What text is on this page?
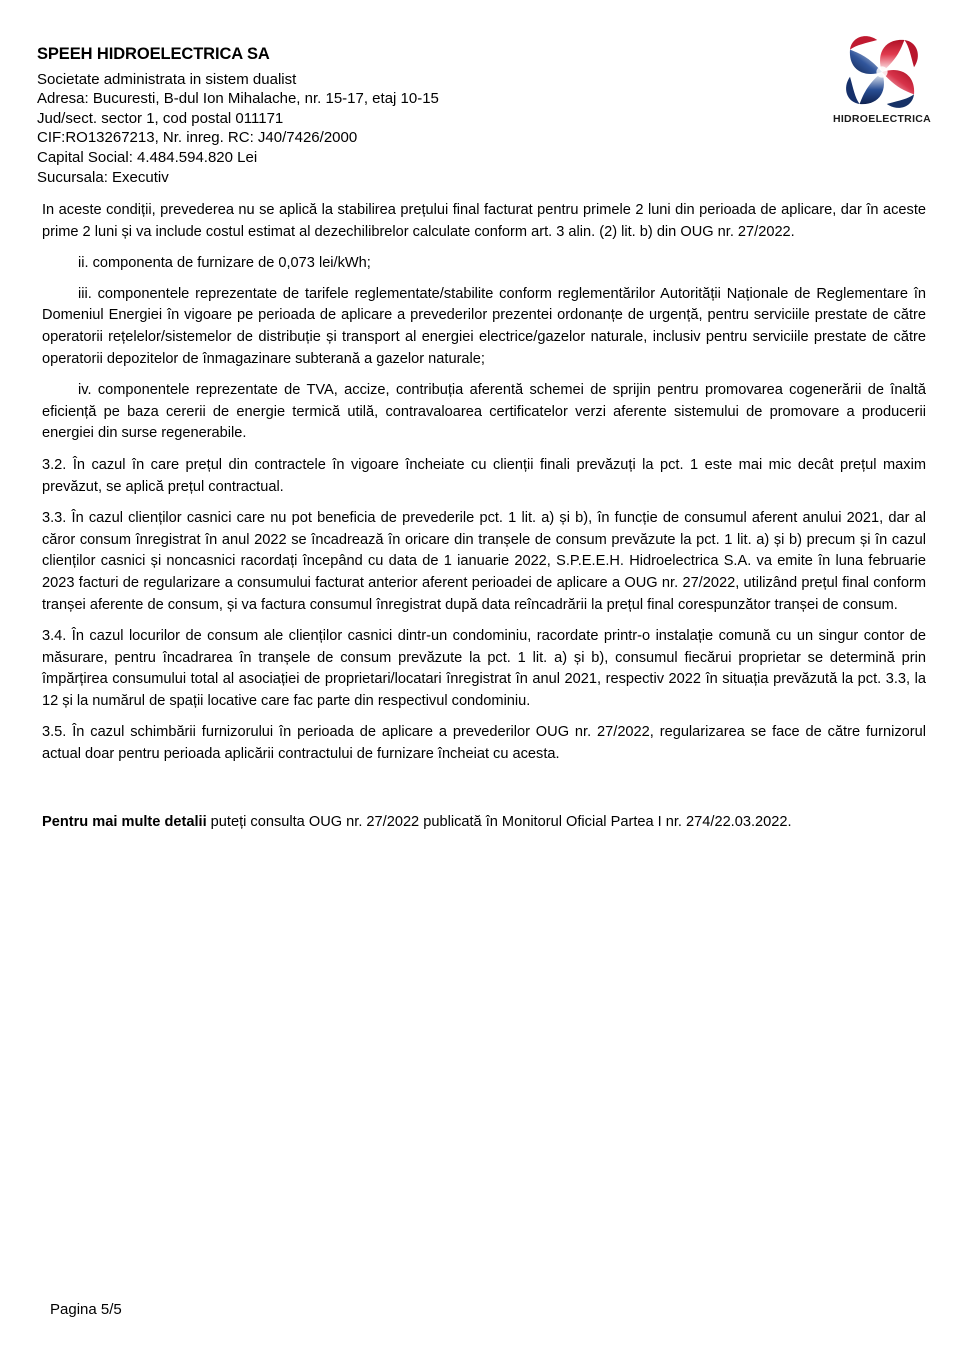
SPEEH HIDROELECTRICA SA
Societate administrata in sistem dualist
Adresa: Bucuresti, B-dul Ion Mihalache, nr. 15-17, etaj 10-15
Jud/sect. sector 1, cod postal 011171
CIF:RO13267213, Nr. inreg. RC: J40/7426/2000
Capital Social: 4.484.594.820 Lei
Sucursala: Executiv
HIDROELECTRICA

In aceste condiții, prevederea nu se aplică la stabilirea prețului final facturat pentru primele 2 luni din perioada de aplicare, dar în aceste prime 2 luni și va include costul estimat al dezechilibrelor calculate conform art. 3 alin. (2) lit. b) din OUG nr. 27/2022.

ii. componenta de furnizare de 0,073 lei/kWh;

iii. componentele reprezentate de tarifele reglementate/stabilite conform reglementărilor Autorității Naționale de Reglementare în Domeniul Energiei în vigoare pe perioada de aplicare a prevederilor prezentei ordonanțe de urgență, pentru serviciile prestate de către operatorii rețelelor/sistemelor de distribuție și transport al energiei electrice/gazelor naturale, inclusiv pentru serviciile prestate de către operatorii depozitelor de înmagazinare subterană a gazelor naturale;

iv. componentele reprezentate de TVA, accize, contribuția aferentă schemei de sprijin pentru promovarea cogenerării de înaltă eficiență pe baza cererii de energie termică utilă, contravaloarea certificatelor verzi aferente sistemului de promovare a producerii energiei din surse regenerabile.

3.2. În cazul în care prețul din contractele în vigoare încheiate cu clienții finali prevăzuți la pct. 1 este mai mic decât prețul maxim prevăzut, se aplică prețul contractual.

3.3. În cazul clienților casnici care nu pot beneficia de prevederile pct. 1 lit. a) și b), în funcție de consumul aferent anului 2021, dar al căror consum înregistrat în anul 2022 se încadrează în oricare din tranșele de consum prevăzute la pct. 1 lit. a) și b) precum și în cazul clienților casnici și noncasnici racordați începând cu data de 1 ianuarie 2022, S.P.E.E.H. Hidroelectrica S.A. va emite în luna februarie 2023 facturi de regularizare a consumului facturat anterior aferent perioadei de aplicare a OUG nr. 27/2022, utilizând prețul final conform tranșei aferente de consum, și va factura consumul înregistrat după data reîncadrării la prețul final corespunzător tranșei de consum.

3.4. În cazul locurilor de consum ale clienților casnici dintr-un condominiu, racordate printr-o instalație comună cu un singur contor de măsurare, pentru încadrarea în tranșele de consum prevăzute la pct. 1 lit. a) și b), consumul fiecărui proprietar se determină prin împărțirea consumului total al asociației de proprietari/locatari înregistrat în anul 2021, respectiv 2022 în situația prevăzută la pct. 3.3, la 12 și la numărul de spații locative care fac parte din respectivul condominiu.

3.5. În cazul schimbării furnizorului în perioada de aplicare a prevederilor OUG nr. 27/2022, regularizarea se face de către furnizorul actual doar pentru perioada aplicării contractului de furnizare încheiat cu acesta.

Pentru mai multe detalii puteți consulta OUG nr. 27/2022 publicată în Monitorul Oficial Partea I nr. 274/22.03.2022.

Pagina 5/5
